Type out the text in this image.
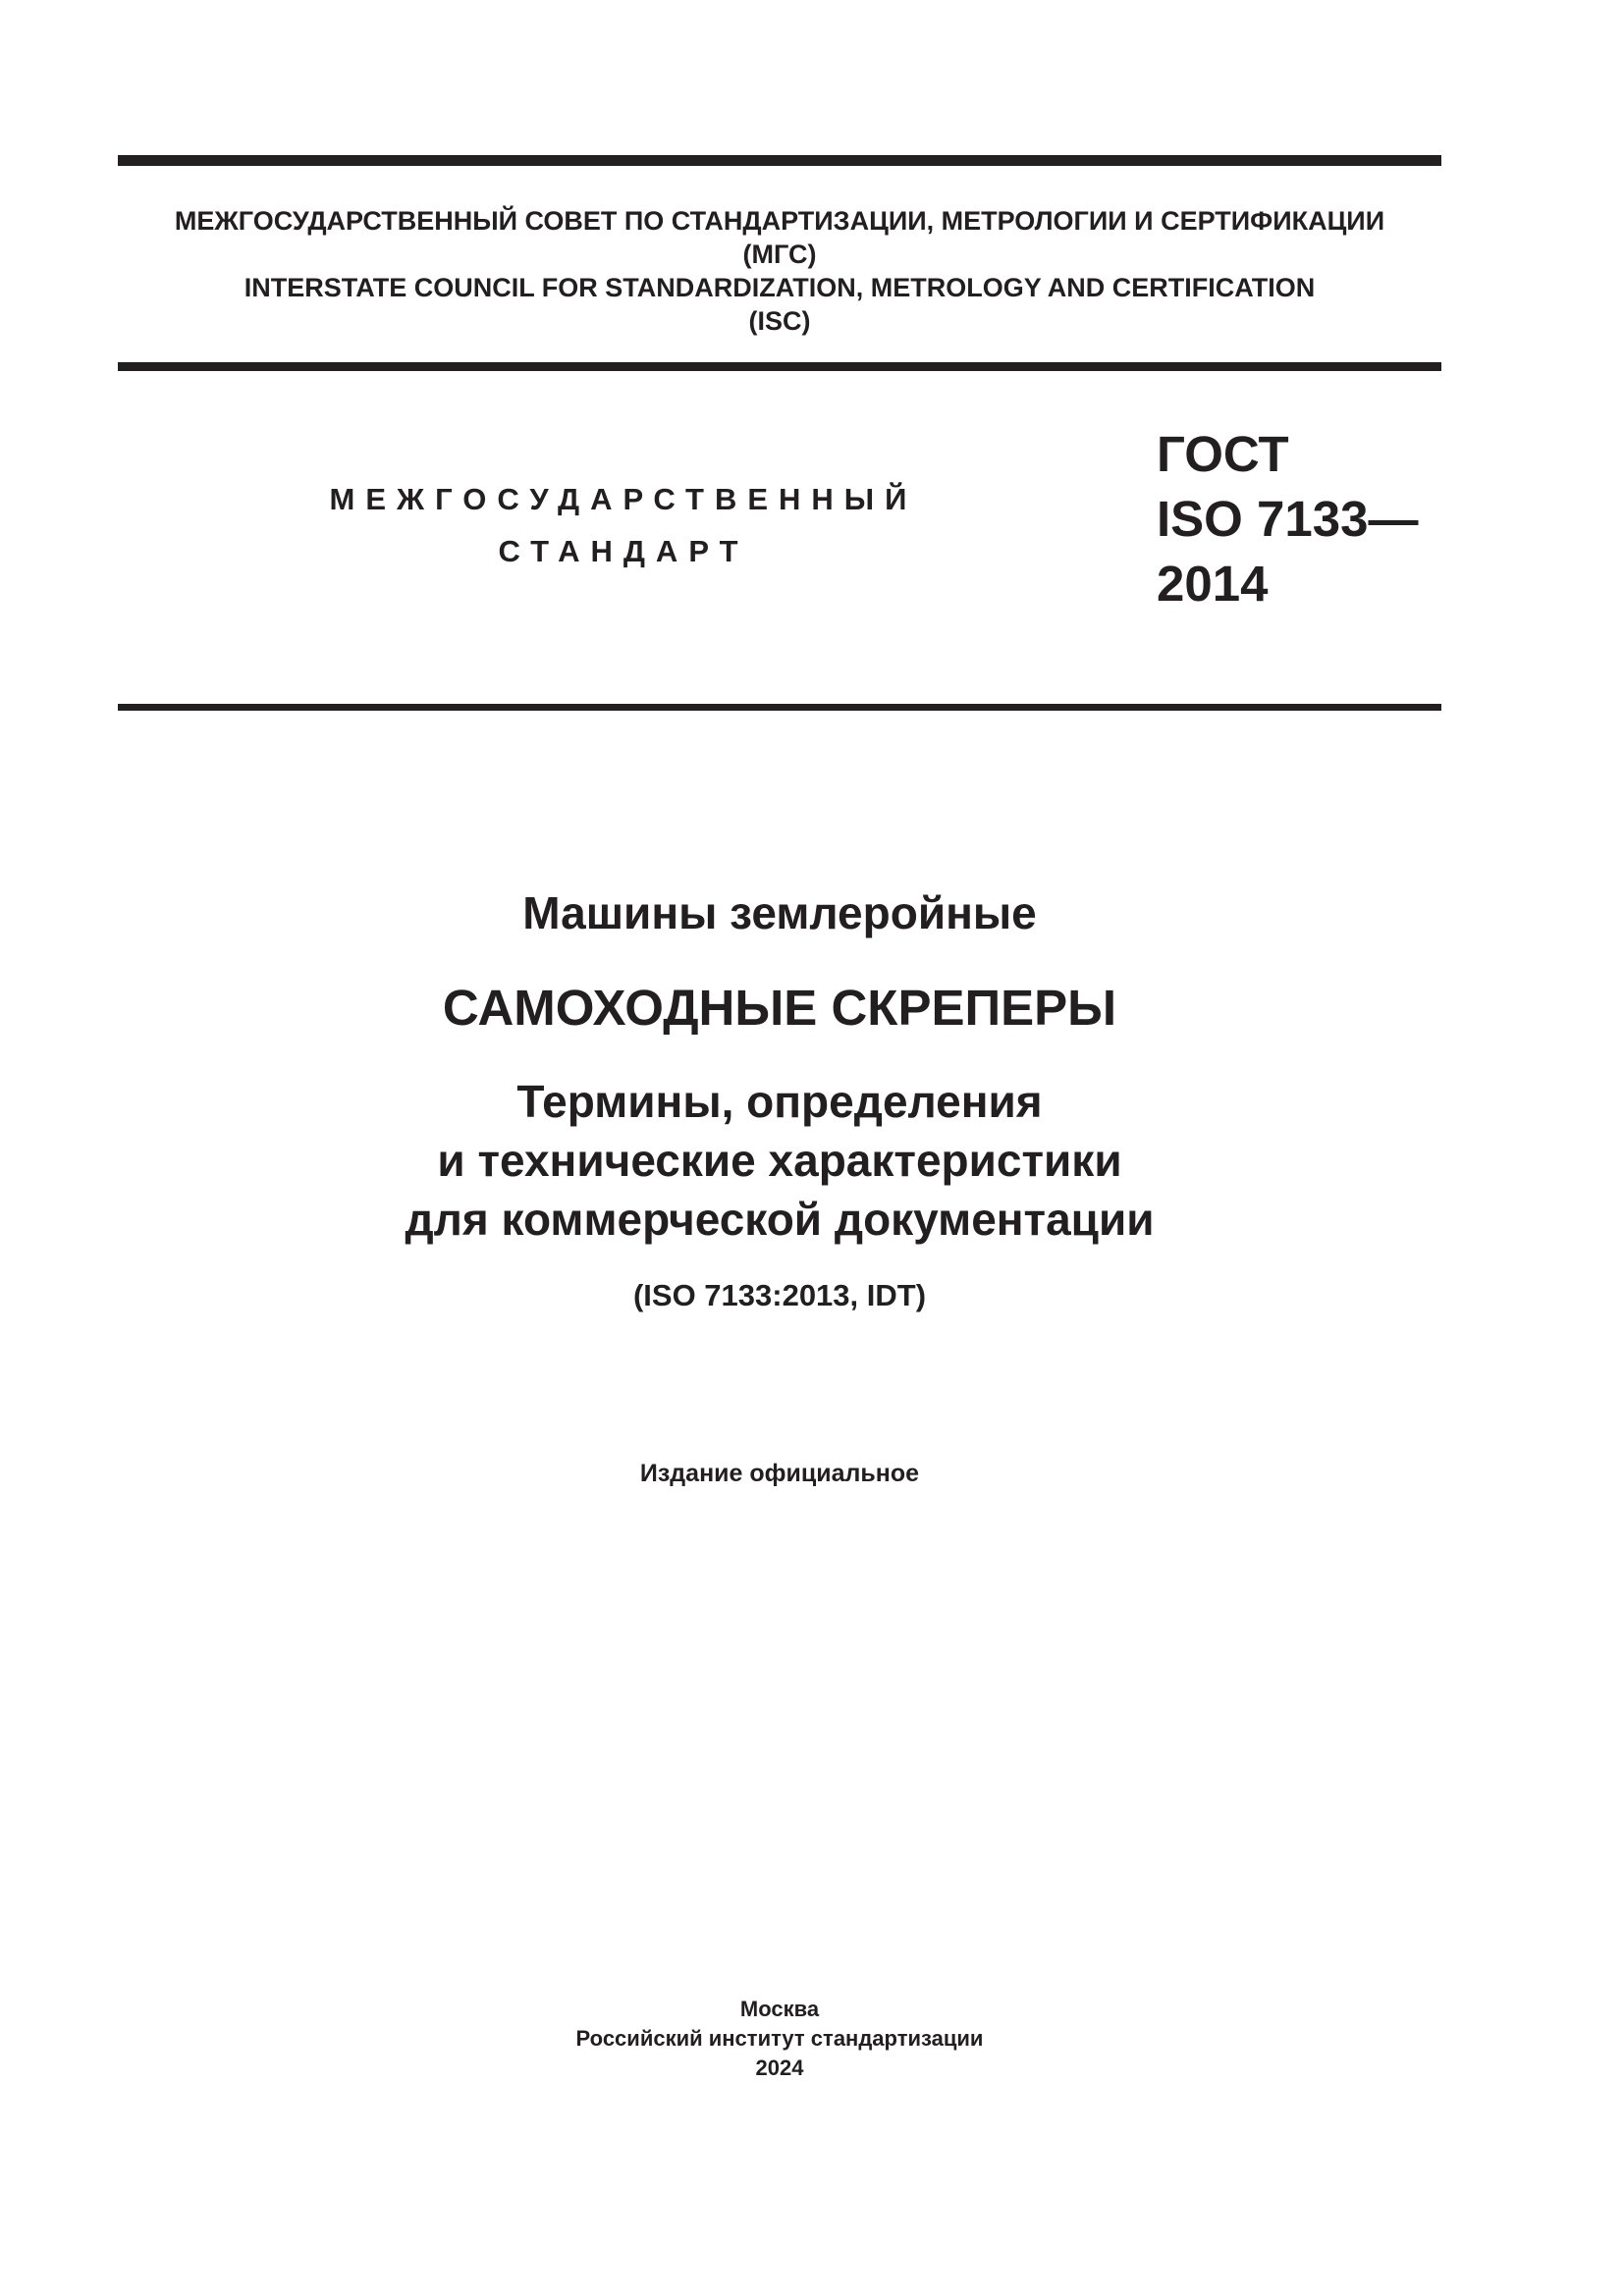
МЕЖГОСУДАРСТВЕННЫЙ СОВЕТ ПО СТАНДАРТИЗАЦИИ, МЕТРОЛОГИИ И СЕРТИФИКАЦИИ
(МГС)
INTERSTATE COUNCIL FOR STANDARDIZATION, METROLOGY AND CERTIFICATION
(ISC)
МЕЖГОСУДАРСТВЕННЫЙ
СТАНДАРТ
ГОСТ
ISO 7133—
2014
Машины землеройные
САМОХОДНЫЕ СКРЕПЕРЫ
Термины, определения
и технические характеристики
для коммерческой документации
(ISO 7133:2013, IDT)
Издание официальное
Москва
Российский институт стандартизации
2024
